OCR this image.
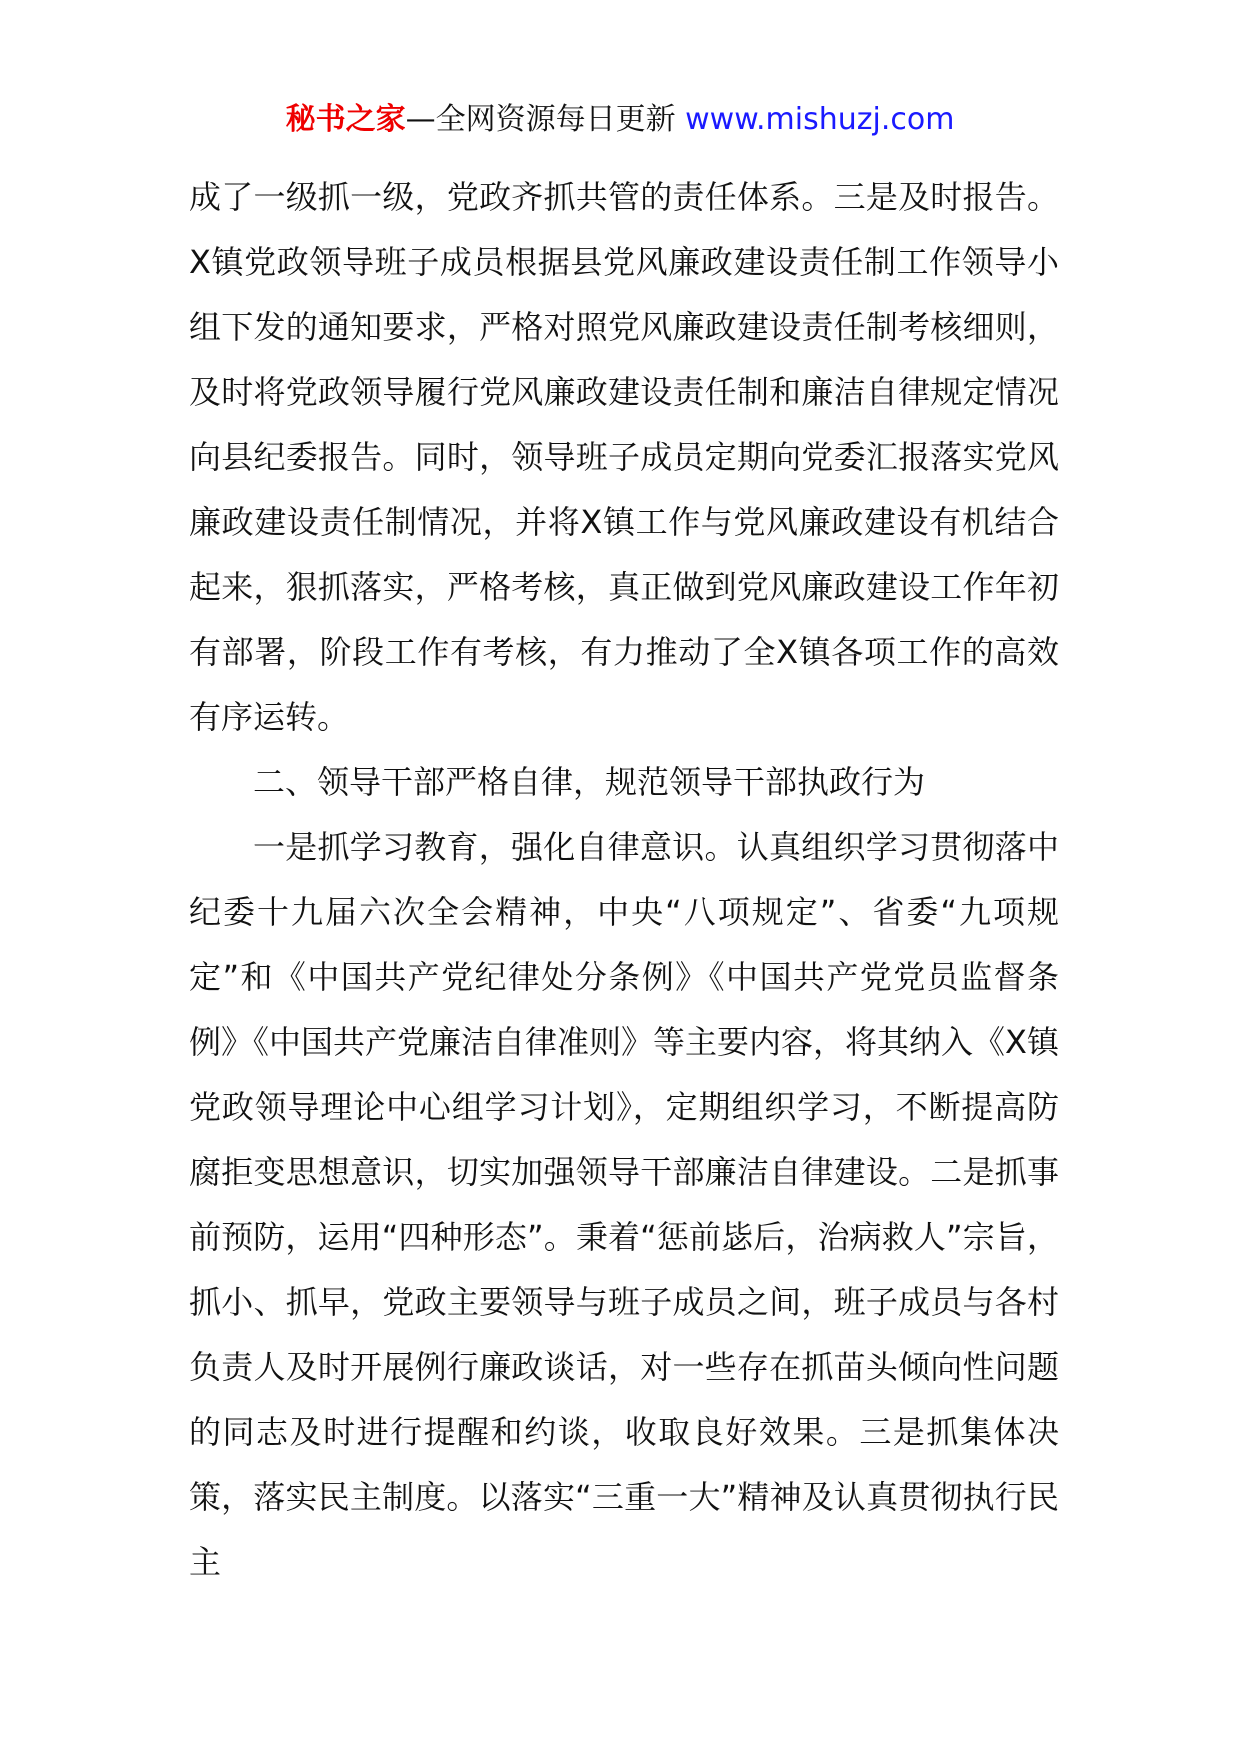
秘书之家—全网资源每日更新 www.mishuzj.com

成了一级抓一级，党政齐抓共管的责任体系。三是及时报告。X镇党政领导班子成员根据县党风廉政建设责任制工作领导小组下发的通知要求，严格对照党风廉政建设责任制考核细则，及时将党政领导履行党风廉政建设责任制和廉洁自律规定情况向县纪委报告。同时，领导班子成员定期向党委汇报落实党风廉政建设责任制情况，并将X镇工作与党风廉政建设有机结合起来，狠抓落实，严格考核，真正做到党风廉政建设工作年初有部署，阶段工作有考核，有力推动了全X镇各项工作的高效有序运转。

二、领导干部严格自律，规范领导干部执政行为

一是抓学习教育，强化自律意识。认真组织学习贯彻落中纪委十九届六次全会精神，中央“八项规定”、省委“九项规定”和《中国共产党纪律处分条例》《中国共产党党员监督条例》《中国共产党廉洁自律准则》等主要内容，将其纳入《X镇党政领导理论中心组学习计划》，定期组织学习，不断提高防腐拒变思想意识，切实加强领导干部廉洁自律建设。二是抓事前预防，运用“四种形态”。秉着“惩前毖后，治病救人”宗旨，抓小、抓早，党政主要领导与班子成员之间，班子成员与各村负责人及时开展例行廉政谈话，对一些存在抓苗头倾向性问题的同志及时进行提醒和约谈，收取良好效果。三是抓集体决策，落实民主制度。以落实“三重一大”精神及认真贯彻执行民主
